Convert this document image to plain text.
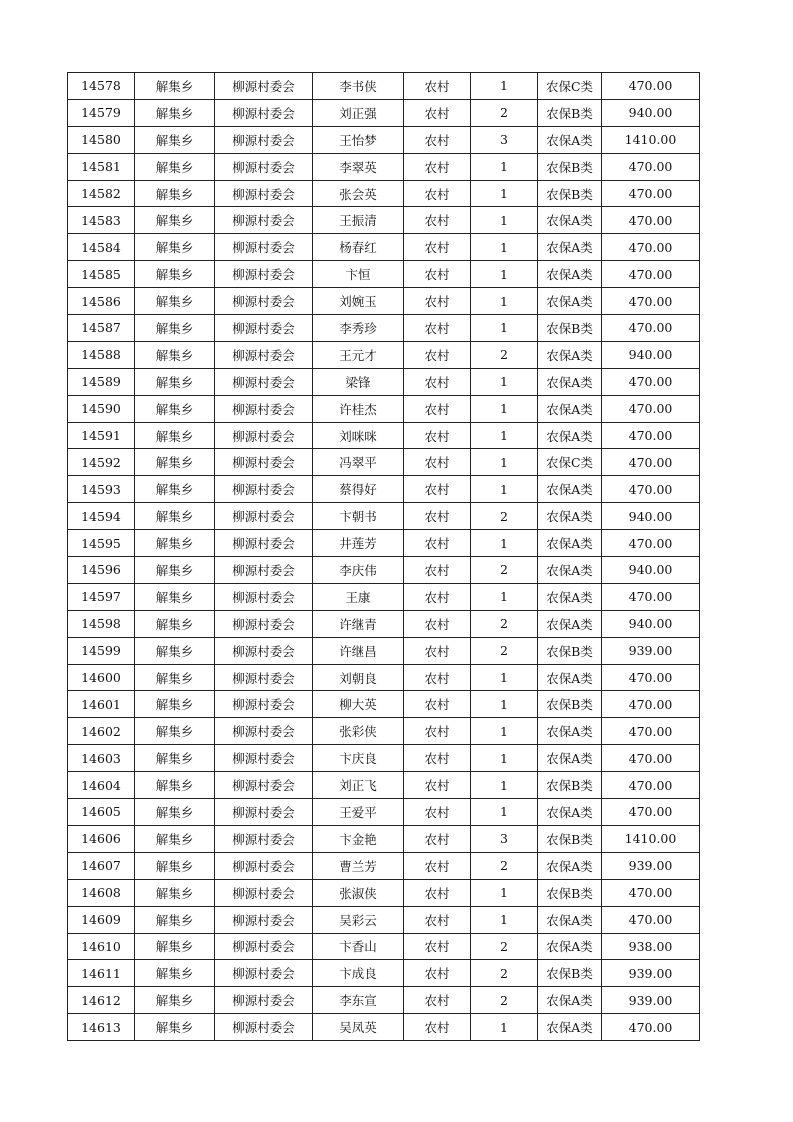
14578	解集乡	柳源村委会	李书侠	农村	1	农保C类	470.00
14579	解集乡	柳源村委会	刘正强	农村	2	农保B类	940.00
14580	解集乡	柳源村委会	王怡梦	农村	3	农保A类	1410.00
14581	解集乡	柳源村委会	李翠英	农村	1	农保B类	470.00
14582	解集乡	柳源村委会	张会英	农村	1	农保B类	470.00
14583	解集乡	柳源村委会	王振清	农村	1	农保A类	470.00
14584	解集乡	柳源村委会	杨春红	农村	1	农保A类	470.00
14585	解集乡	柳源村委会	卞恒	农村	1	农保A类	470.00
14586	解集乡	柳源村委会	刘婉玉	农村	1	农保A类	470.00
14587	解集乡	柳源村委会	李秀珍	农村	1	农保B类	470.00
14588	解集乡	柳源村委会	王元才	农村	2	农保A类	940.00
14589	解集乡	柳源村委会	梁锋	农村	1	农保A类	470.00
14590	解集乡	柳源村委会	许桂杰	农村	1	农保A类	470.00
14591	解集乡	柳源村委会	刘咪咪	农村	1	农保A类	470.00
14592	解集乡	柳源村委会	冯翠平	农村	1	农保C类	470.00
14593	解集乡	柳源村委会	蔡得好	农村	1	农保A类	470.00
14594	解集乡	柳源村委会	卞朝书	农村	2	农保A类	940.00
14595	解集乡	柳源村委会	井莲芳	农村	1	农保A类	470.00
14596	解集乡	柳源村委会	李庆伟	农村	2	农保A类	940.00
14597	解集乡	柳源村委会	王康	农村	1	农保A类	470.00
14598	解集乡	柳源村委会	许继青	农村	2	农保A类	940.00
14599	解集乡	柳源村委会	许继昌	农村	2	农保B类	939.00
14600	解集乡	柳源村委会	刘朝良	农村	1	农保A类	470.00
14601	解集乡	柳源村委会	柳大英	农村	1	农保B类	470.00
14602	解集乡	柳源村委会	张彩侠	农村	1	农保A类	470.00
14603	解集乡	柳源村委会	卞庆良	农村	1	农保A类	470.00
14604	解集乡	柳源村委会	刘正飞	农村	1	农保B类	470.00
14605	解集乡	柳源村委会	王爱平	农村	1	农保A类	470.00
14606	解集乡	柳源村委会	卞金艳	农村	3	农保B类	1410.00
14607	解集乡	柳源村委会	曹兰芳	农村	2	农保A类	939.00
14608	解集乡	柳源村委会	张淑侠	农村	1	农保B类	470.00
14609	解集乡	柳源村委会	吴彩云	农村	1	农保A类	470.00
14610	解集乡	柳源村委会	卞香山	农村	2	农保A类	938.00
14611	解集乡	柳源村委会	卞成良	农村	2	农保B类	939.00
14612	解集乡	柳源村委会	李东宣	农村	2	农保A类	939.00
14613	解集乡	柳源村委会	吴凤英	农村	1	农保A类	470.00
